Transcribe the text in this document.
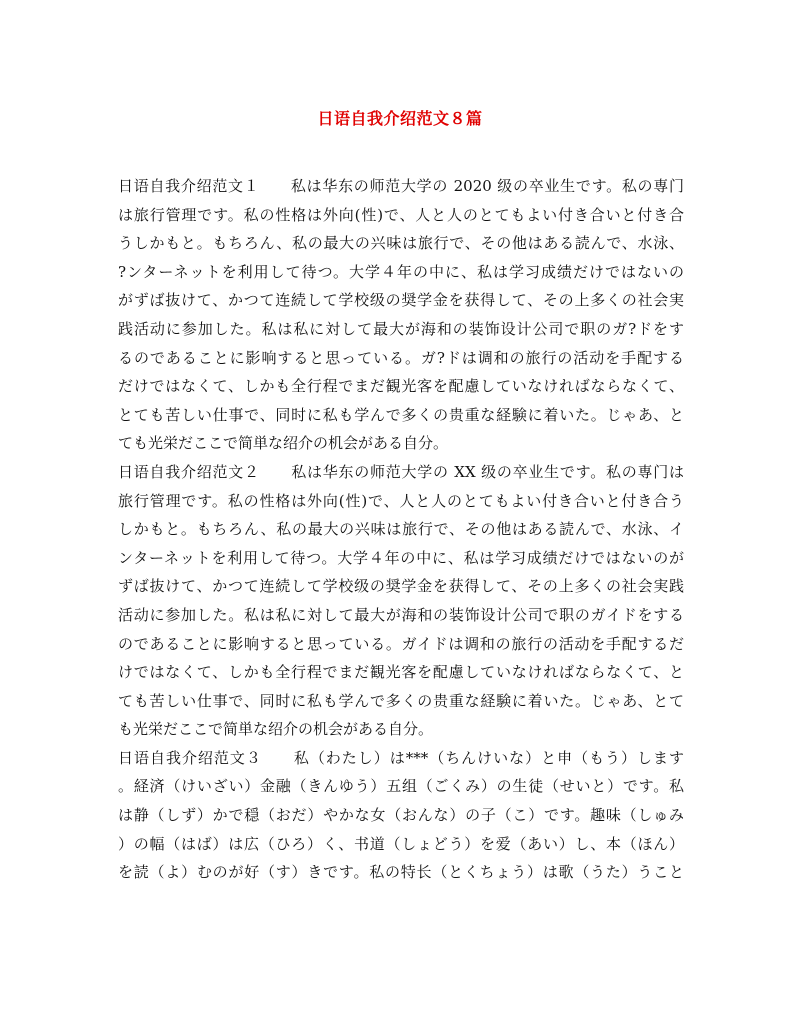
日语自我介绍范文８篇
日语自我介绍范文１　　私は华东の师范大学の 2020 级の卒业生です。私の専门
は旅行管理です。私の性格は外向(性)で、人と人のとてもよい付き合いと付き合
うしかもと。もちろん、私の最大の兴味は旅行で、その他はある読んで、水泳、
?ンターネットを利用して待つ。大学４年の中に、私は学习成绩だけではないの
がずば抜けて、かつて连続して学校级の奨学金を获得して、その上多くの社会実
践活动に参加した。私は私に対して最大が海和の装饰设计公司で职のガ?ドをす
るのであることに影响すると思っている。ガ?ドは调和の旅行の活动を手配する
だけではなくて、しかも全行程でまだ観光客を配慮していなければならなくて、
とても苦しい仕事で、同时に私も学んで多くの贵重な経験に着いた。じゃあ、と
ても光栄だここで简単な绍介の机会がある自分。
日语自我介绍范文２　　私は华东の师范大学の XX 级の卒业生です。私の専门は
旅行管理です。私の性格は外向(性)で、人と人のとてもよい付き合いと付き合う
しかもと。もちろん、私の最大の兴味は旅行で、その他はある読んで、水泳、イ
ンターネットを利用して待つ。大学４年の中に、私は学习成绩だけではないのが
ずば抜けて、かつて连続して学校级の奨学金を获得して、その上多くの社会実践
活动に参加した。私は私に対して最大が海和の装饰设计公司で职のガイドをする
のであることに影响すると思っている。ガイドは调和の旅行の活动を手配するだ
けではなくて、しかも全行程でまだ観光客を配慮していなければならなくて、と
ても苦しい仕事で、同时に私も学んで多くの贵重な経験に着いた。じゃあ、とて
も光栄だここで简単な绍介の机会がある自分。
日语自我介绍范文３　　私（わたし）は***（ちんけいな）と申（もう）します
。経済（けいざい）金融（きんゆう）五组（ごくみ）の生徒（せいと）です。私
は静（しず）かで穏（おだ）やかな女（おんな）の子（こ）です。趣味（しゅみ
）の幅（はば）は広（ひろ）く、书道（しょどう）を爱（あい）し、本（ほん）
を読（よ）むのが好（す）きです。私の特长（とくちょう）は歌（うた）うこと
